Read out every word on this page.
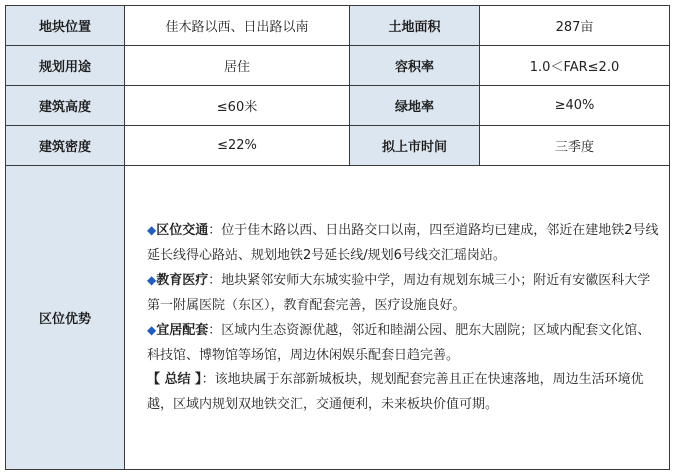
地块位置	佳木路以西、日出路以南	土地面积	287亩
规划用途	居住	容积率	1.0＜FAR≤2.0
建筑高度	≤60米	绿地率	≥40%
建筑密度	≤22%	拟上市时间	三季度
区位优势	◆区位交通：位于佳木路以西、日出路交口以南，四至道路均已建成，邻近在建地铁2号线延长线得心路站、规划地铁2号延长线/规划6号线交汇瑶岗站。

◆教育医疗：地块紧邻安师大东城实验中学，周边有规划东城三小；附近有安徽医科大学第一附属医院（东区），教育配套完善，医疗设施良好。

◆宜居配套：区域内生态资源优越，邻近和睦湖公园、肥东大剧院；区域内配套文化馆、科技馆、博物馆等场馆，周边休闲娱乐配套日趋完善。

【 总结 】：该地块属于东部新城板块，规划配套完善且正在快速落地，周边生活环境优越，区域内规划双地铁交汇，交通便利，未来板块价值可期。		
